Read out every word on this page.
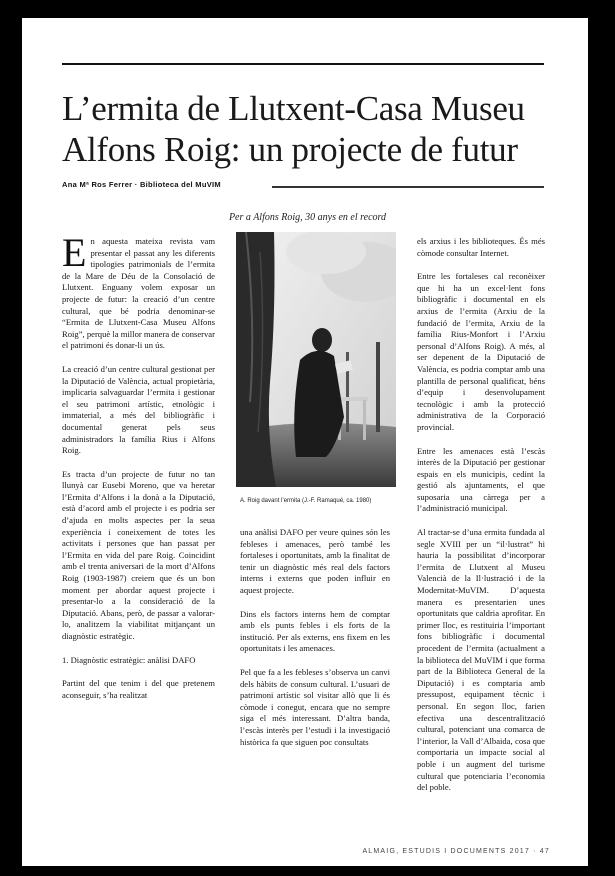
L’ermita de Llutxent-Casa Museu Alfons Roig: un projecte de futur
Ana Mª Ros Ferrer · Biblioteca del MuVIM
Per a Alfons Roig, 30 anys en el record

En aquesta mateixa revista vam presentar el passat any les diferents tipologies patrimonials de l’ermita de la Mare de Déu de la Consolació de Llutxent. Enguany volem exposar un projecte de futur: la creació d’un centre cultural, que bé podria denominar-se “Ermita de Llutxent-Casa Museu Alfons Roig”, perquè la millor manera de conservar el patrimoni és donar-li un ús.

La creació d’un centre cultural gestionat per la Diputació de València, actual propietària, implicaria salvaguardar l’ermita i gestionar el seu patrimoni artístic, etnològic i immaterial, a més del bibliogràfic i documental generat pels seus administradors la família Rius i Alfons Roig.

Es tracta d’un projecte de futur no tan llunyà car Eusebi Moreno, que va heretar l’Ermita d’Alfons i la donà a la Diputació, està d’acord amb el projecte i es podria ser d’ajuda en molts aspectes per la seua experiència i coneixement de totes les activitats i persones que han passat per l’Ermita en vida del pare Roig. Coincidint amb el trenta aniversari de la mort d’Alfons Roig (1903-1987) creiem que és un bon moment per abordar aquest projecte i presentar-lo a la consideració de la Diputació. Abans, però, de passar a valorar-lo, analitzem la viabilitat mitjançant un diagnòstic estratègic.

1. Diagnòstic estratègic: anàlisi DAFO

Partint del que tenim i del que pretenem aconseguir, s’ha realitzat

A. Roig davant l’ermita (J.-F. Ramaqué, ca. 1980)

una anàlisi DAFO per veure quines són les febleses i amenaces, però també les fortaleses i oportunitats, amb la finalitat de tenir un diagnòstic més real dels factors interns i externs que poden influir en aquest projecte.

Dins els factors interns hem de comptar amb els punts febles i els forts de la institució. Per als externs, ens fixem en les oportunitats i les amenaces.

Pel que fa a les febleses s’observa un canvi dels hàbits de consum cultural. L’usuari de patrimoni artístic sol visitar allò que li és còmode i conegut, encara que no sempre siga el més interessant. D’altra banda, l’escàs interès per l’estudi i la investigació històrica fa que siguen poc consultats

els arxius i les biblioteques. És més còmode consultar Internet.

Entre les fortaleses cal reconèixer que hi ha un excel·lent fons bibliogràfic i documental en els arxius de l’ermita (Arxiu de la fundació de l’ermita, Arxiu de la família Rius-Monfort i l’Arxiu personal d’Alfons Roig). A més, al ser depenent de la Diputació de València, es podria comptar amb una plantilla de personal qualificat, béns d’equip i desenvolupament tecnològic i amb la protecció administrativa de la Corporació provincial.

Entre les amenaces està l’escàs interès de la Diputació per gestionar espais en els municipis, cedint la gestió als ajuntaments, el que suposaria una càrrega per a l’administració municipal.

Al tractar-se d’una ermita fundada al segle XVIII per un “il·lustrat” hi hauria la possibilitat d’incorporar l’ermita de Llutxent al Museu Valencià de la Il·lustració i de la Modernitat-MuVIM. D’aquesta manera es presentarien unes oportunitats que caldria aprofitar. En primer lloc, es restituiria l’important fons bibliogràfic i documental procedent de l’ermita (actualment a la biblioteca del MuVIM i que forma part de la Biblioteca General de la Diputació) i es comptaria amb pressupost, equipament tècnic i personal. En segon lloc, farien efectiva una descentralització cultural, potenciant una comarca de l’interior, la Vall d’Albaida, cosa que comportaria un impacte social al poble i un augment del turisme cultural que potenciaria l’economia del poble.

ALMAIG, ESTUDIS I DOCUMENTS 2017 · 47
